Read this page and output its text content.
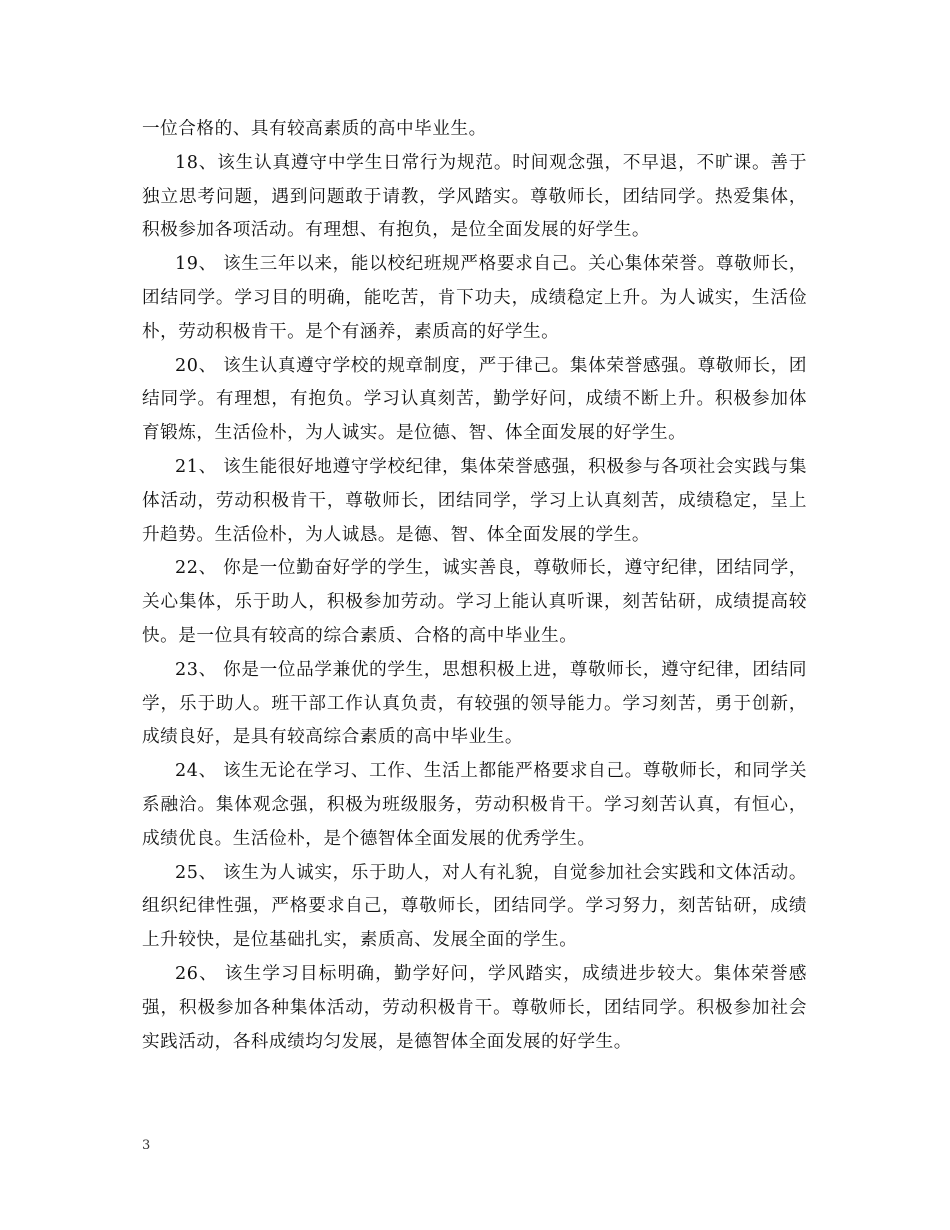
一位合格的、具有较高素质的高中毕业生。

18、该生认真遵守中学生日常行为规范。时间观念强，不早退，不旷课。善于独立思考问题，遇到问题敢于请教，学风踏实。尊敬师长，团结同学。热爱集体，积极参加各项活动。有理想、有抱负，是位全面发展的好学生。

19、 该生三年以来，能以校纪班规严格要求自己。关心集体荣誉。尊敬师长，团结同学。学习目的明确，能吃苦，肯下功夫，成绩稳定上升。为人诚实，生活俭朴，劳动积极肯干。是个有涵养，素质高的好学生。

20、 该生认真遵守学校的规章制度，严于律己。集体荣誉感强。尊敬师长，团结同学。有理想，有抱负。学习认真刻苦，勤学好问，成绩不断上升。积极参加体育锻炼，生活俭朴，为人诚实。是位德、智、体全面发展的好学生。

21、 该生能很好地遵守学校纪律，集体荣誉感强，积极参与各项社会实践与集体活动，劳动积极肯干，尊敬师长，团结同学，学习上认真刻苦，成绩稳定，呈上升趋势。生活俭朴，为人诚恳。是德、智、体全面发展的学生。

22、 你是一位勤奋好学的学生，诚实善良，尊敬师长，遵守纪律，团结同学，关心集体，乐于助人，积极参加劳动。学习上能认真听课，刻苦钻研，成绩提高较快。是一位具有较高的综合素质、合格的高中毕业生。

23、 你是一位品学兼优的学生，思想积极上进，尊敬师长，遵守纪律，团结同学，乐于助人。班干部工作认真负责，有较强的领导能力。学习刻苦，勇于创新，成绩良好，是具有较高综合素质的高中毕业生。

24、 该生无论在学习、工作、生活上都能严格要求自己。尊敬师长，和同学关系融洽。集体观念强，积极为班级服务，劳动积极肯干。学习刻苦认真，有恒心，成绩优良。生活俭朴，是个德智体全面发展的优秀学生。

25、 该生为人诚实，乐于助人，对人有礼貌，自觉参加社会实践和文体活动。组织纪律性强，严格要求自己，尊敬师长，团结同学。学习努力，刻苦钻研，成绩上升较快，是位基础扎实，素质高、发展全面的学生。

26、 该生学习目标明确，勤学好问，学风踏实，成绩进步较大。集体荣誉感强，积极参加各种集体活动，劳动积极肯干。尊敬师长，团结同学。积极参加社会实践活动，各科成绩均匀发展，是德智体全面发展的好学生。

3
